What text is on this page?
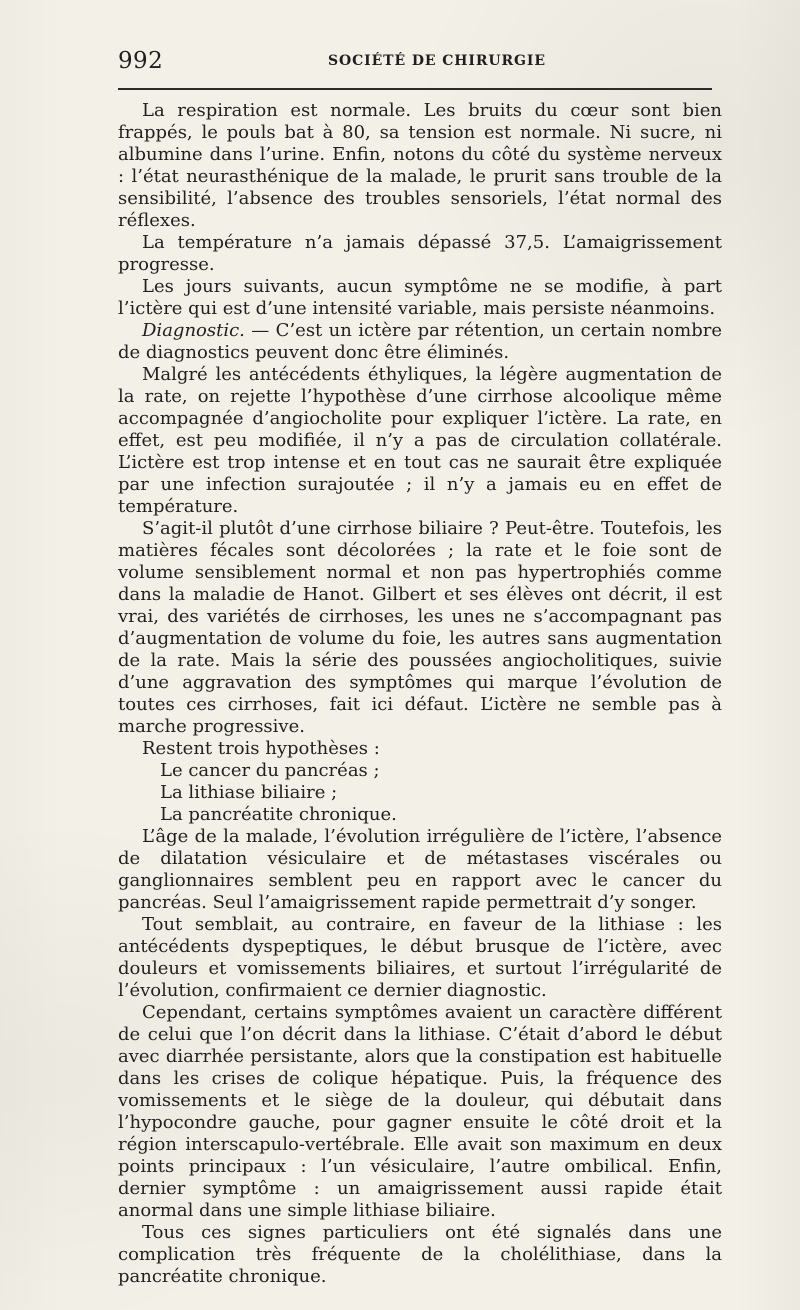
992	SOCIÉTÉ DE CHIRURGIE

La respiration est normale. Les bruits du cœur sont bien frappés, le pouls bat à 80, sa tension est normale. Ni sucre, ni albumine dans l’urine. Enfin, notons du côté du système nerveux : l’état neurasthénique de la malade, le prurit sans trouble de la sensibilité, l’absence des troubles sensoriels, l’état normal des réflexes.

La température n’a jamais dépassé 37,5. L’amaigrissement progresse.

Les jours suivants, aucun symptôme ne se modifie, à part l’ictère qui est d’une intensité variable, mais persiste néanmoins.

Diagnostic. — C’est un ictère par rétention, un certain nombre de diagnostics peuvent donc être éliminés.

Malgré les antécédents éthyliques, la légère augmentation de la rate, on rejette l’hypothèse d’une cirrhose alcoolique même accompagnée d’angiocholite pour expliquer l’ictère. La rate, en effet, est peu modifiée, il n’y a pas de circulation collatérale. L’ictère est trop intense et en tout cas ne saurait être expliquée par une infection surajoutée ; il n’y a jamais eu en effet de température.

S’agit-il plutôt d’une cirrhose biliaire ? Peut-être. Toutefois, les matières fécales sont décolorées ; la rate et le foie sont de volume sensiblement normal et non pas hypertrophiés comme dans la maladie de Hanot. Gilbert et ses élèves ont décrit, il est vrai, des variétés de cirrhoses, les unes ne s’accompagnant pas d’augmentation de volume du foie, les autres sans augmentation de la rate. Mais la série des poussées angiocholitiques, suivie d’une aggravation des symptômes qui marque l’évolution de toutes ces cirrhoses, fait ici défaut. L’ictère ne semble pas à marche progressive.

Restent trois hypothèses :

Le cancer du pancréas ;
La lithiase biliaire ;
La pancréatite chronique.

L’âge de la malade, l’évolution irrégulière de l’ictère, l’absence de dilatation vésiculaire et de métastases viscérales ou ganglionnaires semblent peu en rapport avec le cancer du pancréas. Seul l’amaigrissement rapide permettrait d’y songer.

Tout semblait, au contraire, en faveur de la lithiase : les antécédents dyspeptiques, le début brusque de l’ictère, avec douleurs et vomissements biliaires, et surtout l’irrégularité de l’évolution, confirmaient ce dernier diagnostic.

Cependant, certains symptômes avaient un caractère différent de celui que l’on décrit dans la lithiase. C’était d’abord le début avec diarrhée persistante, alors que la constipation est habituelle dans les crises de colique hépatique. Puis, la fréquence des vomissements et le siège de la douleur, qui débutait dans l’hypocondre gauche, pour gagner ensuite le côté droit et la région interscapulo-vertébrale. Elle avait son maximum en deux points principaux : l’un vésiculaire, l’autre ombilical. Enfin, dernier symptôme : un amaigrissement aussi rapide était anormal dans une simple lithiase biliaire.

Tous ces signes particuliers ont été signalés dans une complication très fréquente de la cholélithiase, dans la pancréatite chronique.
